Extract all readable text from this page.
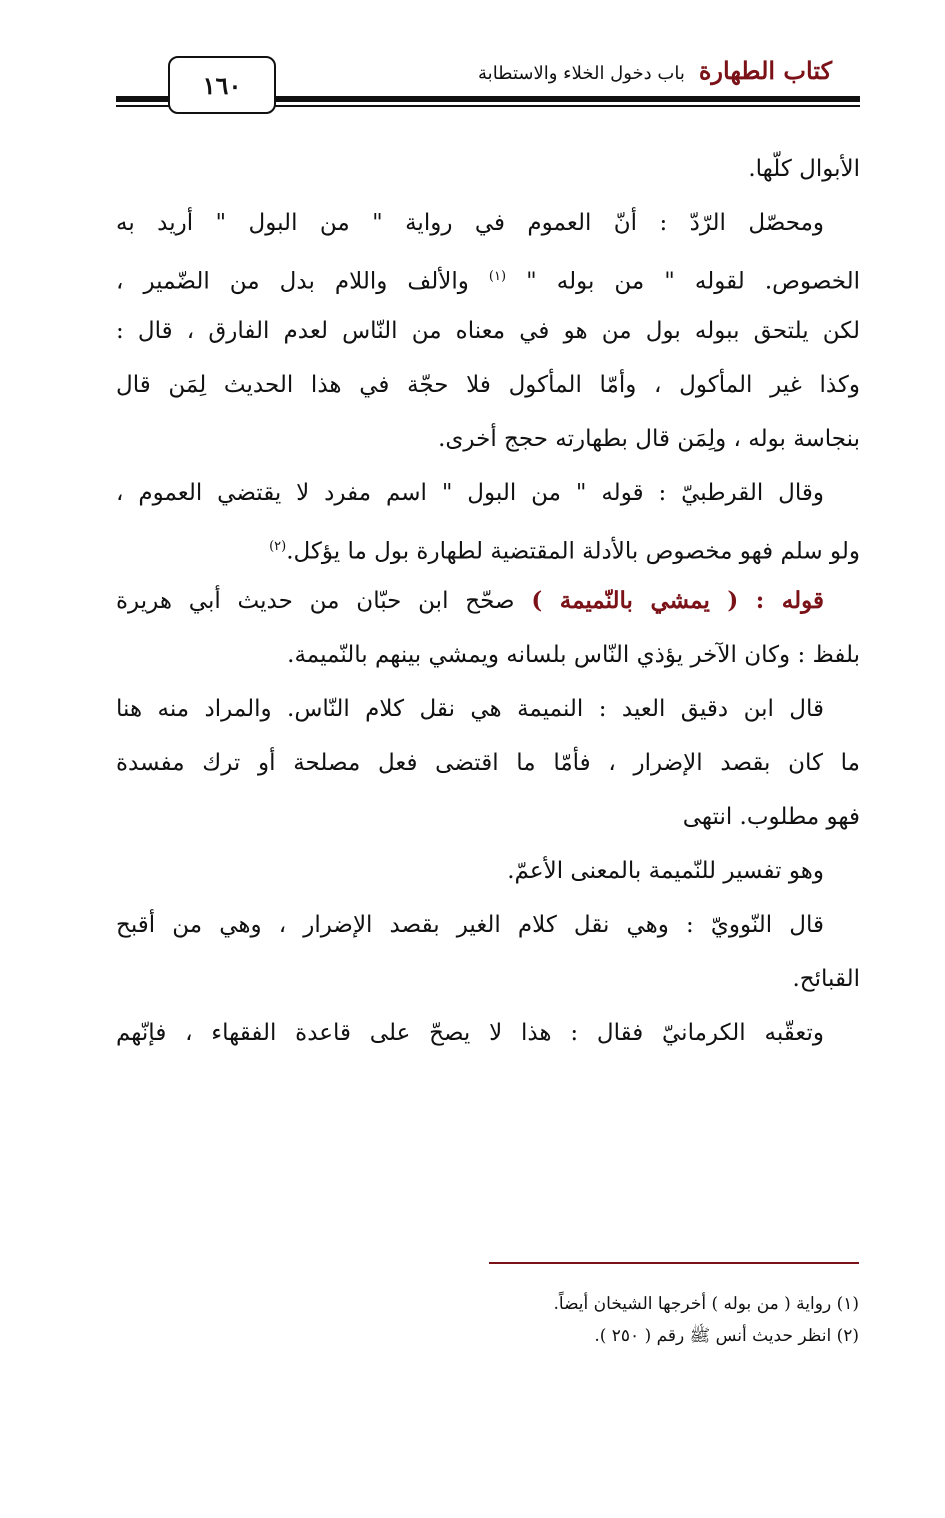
١٦٠	كتاب الطهارةباب دخول الخلاء والاستطابة
الأبوال كلّها.
ومحصّل الرّدّ : أنّ العموم في رواية " من البول " أريد به
الخصوص. لقوله " من بوله " $^{(١)}$ والألف واللام بدل من الضّمير ،
لكن يلتحق ببوله بول من هو في معناه من النّاس لعدم الفارق ، قال :
وكذا غير المأكول ، وأمّا المأكول فلا حجّة في هذا الحديث لِمَن قال
بنجاسة بوله ، ولِمَن قال بطهارته حجج أخرى.
وقال القرطبيّ : قوله " من البول " اسم مفرد لا يقتضي العموم ،
ولو سلم فهو مخصوص بالأدلة المقتضية لطهارة بول ما يؤكل.$^{(٢)}$
قوله : ( يمشي بالنّميمة ) صحّح ابن حبّان من حديث أبي هريرة
بلفظ : وكان الآخر يؤذي النّاس بلسانه ويمشي بينهم بالنّميمة.
قال ابن دقيق العيد : النميمة هي نقل كلام النّاس. والمراد منه هنا
ما كان بقصد الإضرار ، فأمّا ما اقتضى فعل مصلحة أو ترك مفسدة
فهو مطلوب. انتهى
وهو تفسير للنّميمة بالمعنى الأعمّ.
قال النّوويّ : وهي نقل كلام الغير بقصد الإضرار ، وهي من أقبح
القبائح.
وتعقّبه الكرمانيّ فقال : هذا لا يصحّ على قاعدة الفقهاء ، فإنّهم
(١) رواية ( من بوله ) أخرجها الشيخان أيضاً.
(٢) انظر حديث أنس ﷺ رقم ( ٢٥٠ ).
